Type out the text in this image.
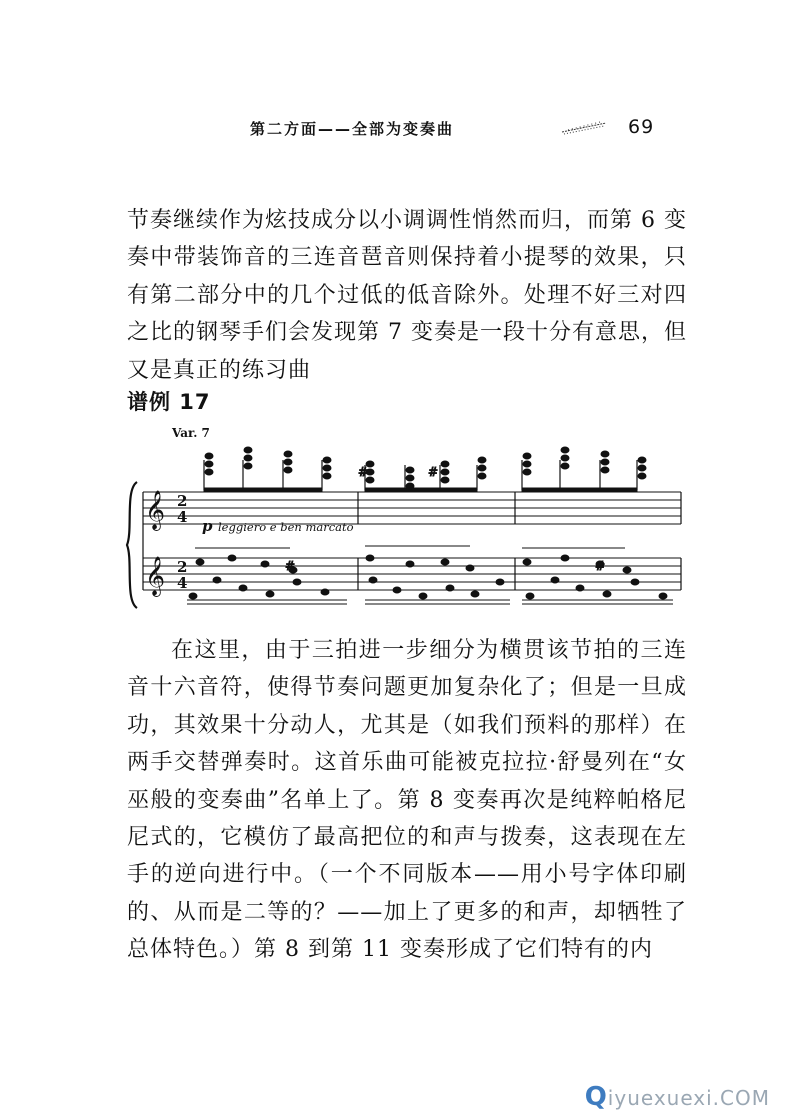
第二方面——全部为变奏曲	69
节奏继续作为炫技成分以小调调性悄然而归，而第 6 变奏中带装饰音的三连音琶音则保持着小提琴的效果，只有第二部分中的几个过低的低音除外。处理不好三对四之比的钢琴手们会发现第 7 变奏是一段十分有意思，但又是真正的练习曲
谱例 17
Var. 7
𝄞
𝄞
2
4
2
4
p leggiero e ben marcato
#	#
#	#
在这里，由于三拍进一步细分为横贯该节拍的三连音十六音符，使得节奏问题更加复杂化了；但是一旦成功，其效果十分动人，尤其是（如我们预料的那样）在两手交替弹奏时。这首乐曲可能被克拉拉·舒曼列在“女巫般的变奏曲”名单上了。第 8 变奏再次是纯粹帕格尼尼式的，它模仿了最高把位的和声与拨奏，这表现在左手的逆向进行中。（一个不同版本——用小号字体印刷的、从而是二等的？——加上了更多的和声，却牺牲了总体特色。）第 8 到第 11 变奏形成了它们特有的内
Qiyuexuexi.COM
